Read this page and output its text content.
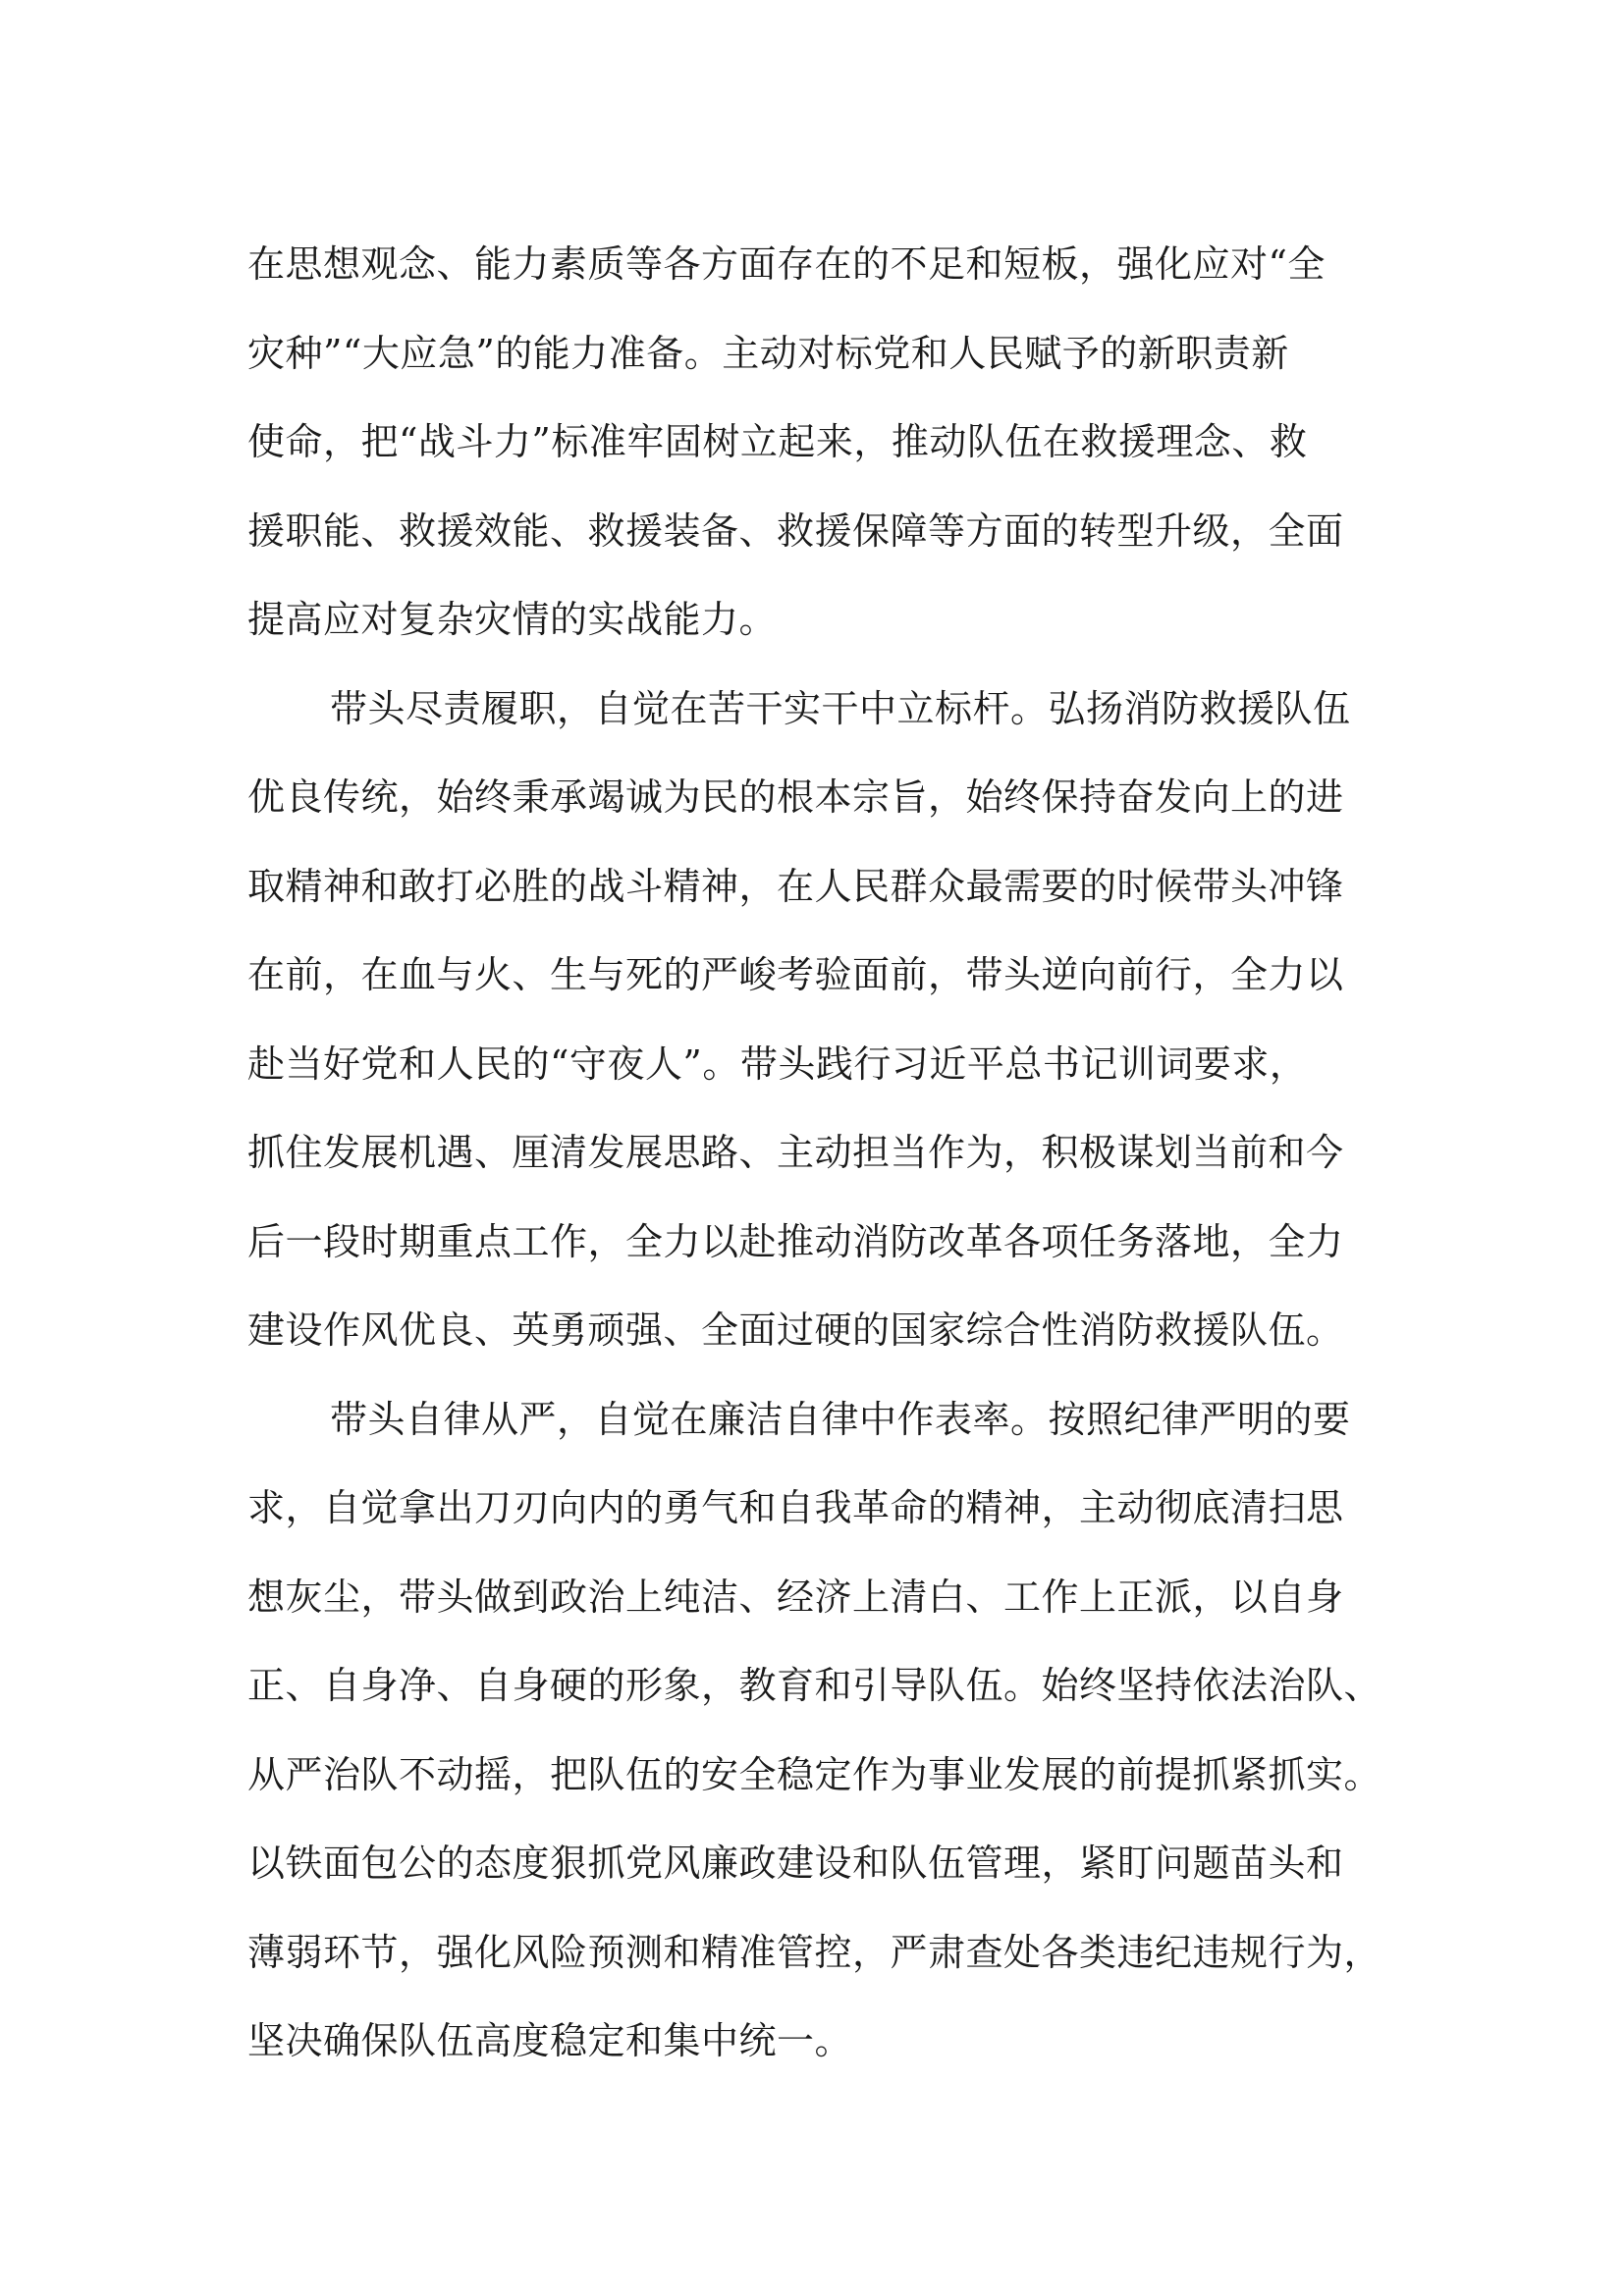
在思想观念、能力素质等各方面存在的不足和短板，强化应对“全
灾种”“大应急”的能力准备。主动对标党和人民赋予的新职责新
使命，把“战斗力”标准牢固树立起来，推动队伍在救援理念、救
援职能、救援效能、救援装备、救援保障等方面的转型升级，全面
提高应对复杂灾情的实战能力。
带头尽责履职，自觉在苦干实干中立标杆。弘扬消防救援队伍
优良传统，始终秉承竭诚为民的根本宗旨，始终保持奋发向上的进
取精神和敢打必胜的战斗精神，在人民群众最需要的时候带头冲锋
在前，在血与火、生与死的严峻考验面前，带头逆向前行，全力以
赴当好党和人民的“守夜人”。带头践行习近平总书记训词要求，
抓住发展机遇、厘清发展思路、主动担当作为，积极谋划当前和今
后一段时期重点工作，全力以赴推动消防改革各项任务落地，全力
建设作风优良、英勇顽强、全面过硬的国家综合性消防救援队伍。
带头自律从严，自觉在廉洁自律中作表率。按照纪律严明的要
求，自觉拿出刀刃向内的勇气和自我革命的精神，主动彻底清扫思
想灰尘，带头做到政治上纯洁、经济上清白、工作上正派，以自身
正、自身净、自身硬的形象，教育和引导队伍。始终坚持依法治队、
从严治队不动摇，把队伍的安全稳定作为事业发展的前提抓紧抓实。
以铁面包公的态度狠抓党风廉政建设和队伍管理，紧盯问题苗头和
薄弱环节，强化风险预测和精准管控，严肃查处各类违纪违规行为，
坚决确保队伍高度稳定和集中统一。
